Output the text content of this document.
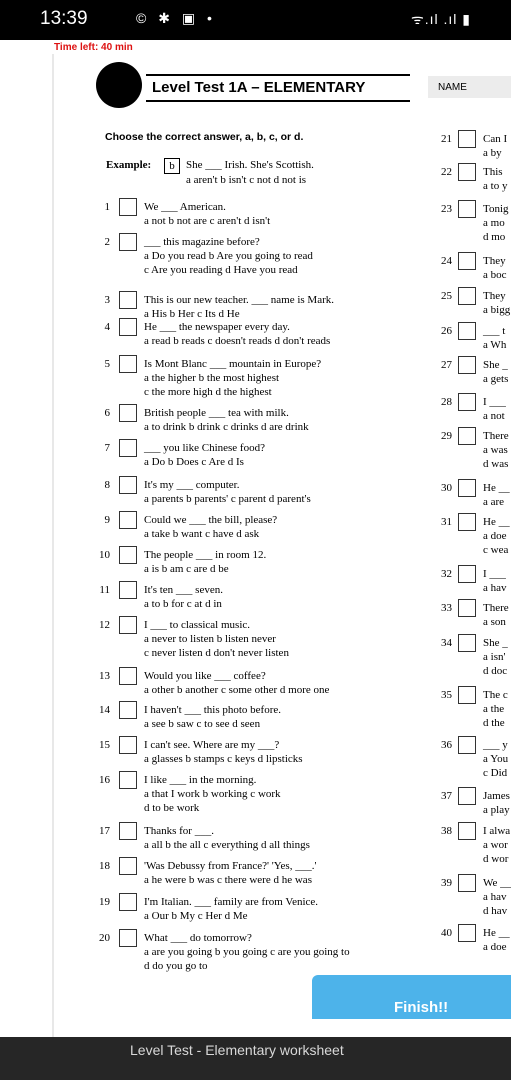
13:39	© ✱ ▣ •	ᯤ.ıl .ıl ▮
Time left: 40 min
Level Test 1A – ELEMENTARY	NAME
Choose the correct answer, a, b, c, or d.
Example:	b	She ___ Irish. She's Scottish.
a aren't b isn't c not d not is
1	We ___ American.
a not b not are c aren't d isn't
2	___ this magazine before?
a Do you read b Are you going to read
c Are you reading d Have you read
3	This is our new teacher. ___ name is Mark.
a His b Her c Its d He
4	He ___ the newspaper every day.
a read b reads c doesn't reads d don't reads
5	Is Mont Blanc ___ mountain in Europe?
a the higher b the most highest
c the more high d the highest
6	British people ___ tea with milk.
a to drink b drink c drinks d are drink
7	___ you like Chinese food?
a Do b Does c Are d Is
8	It's my ___ computer.
a parents b parents' c parent d parent's
9	Could we ___ the bill, please?
a take b want c have d ask
10	The people ___ in room 12.
a is b am c are d be
11	It's ten ___ seven.
a to b for c at d in
12	I ___ to classical music.
a never to listen b listen never
c never listen d don't never listen
13	Would you like ___ coffee?
a other b another c some other d more one
14	I haven't ___ this photo before.
a see b saw c to see d seen
15	I can't see. Where are my ___?
a glasses b stamps c keys d lipsticks
16	I like ___ in the morning.
a that I work b working c work
d to be work
17	Thanks for ___.
a all b the all c everything d all things
18	'Was Debussy from France?' 'Yes, ___.'
a he were b was c there were d he was
19	I'm Italian. ___ family are from Venice.
a Our b My c Her d Me
20	What ___ do tomorrow?
a are you going b you going c are you going to
d do you go to
21	Can I
a by
22	This
a to y
23	Tonig
a mo
d mo
24	They
a boc
25	They
a bigg
26	___ t
a Wh
27	She _
a gets
28	I ___
a not
29	There
a was
d was
30	He __
a are
31	He __
a doe
c wea
32	I ___
a hav
33	There
a son
34	She _
a isn'
d doc
35	The c
a the
d the
36	___ y
a You
c Did
37	James
a play
38	I alwa
a wor
d wor
39	We __
a hav
d hav
40	He __
a doe
Finish!!
Level Test - Elementary worksheet
